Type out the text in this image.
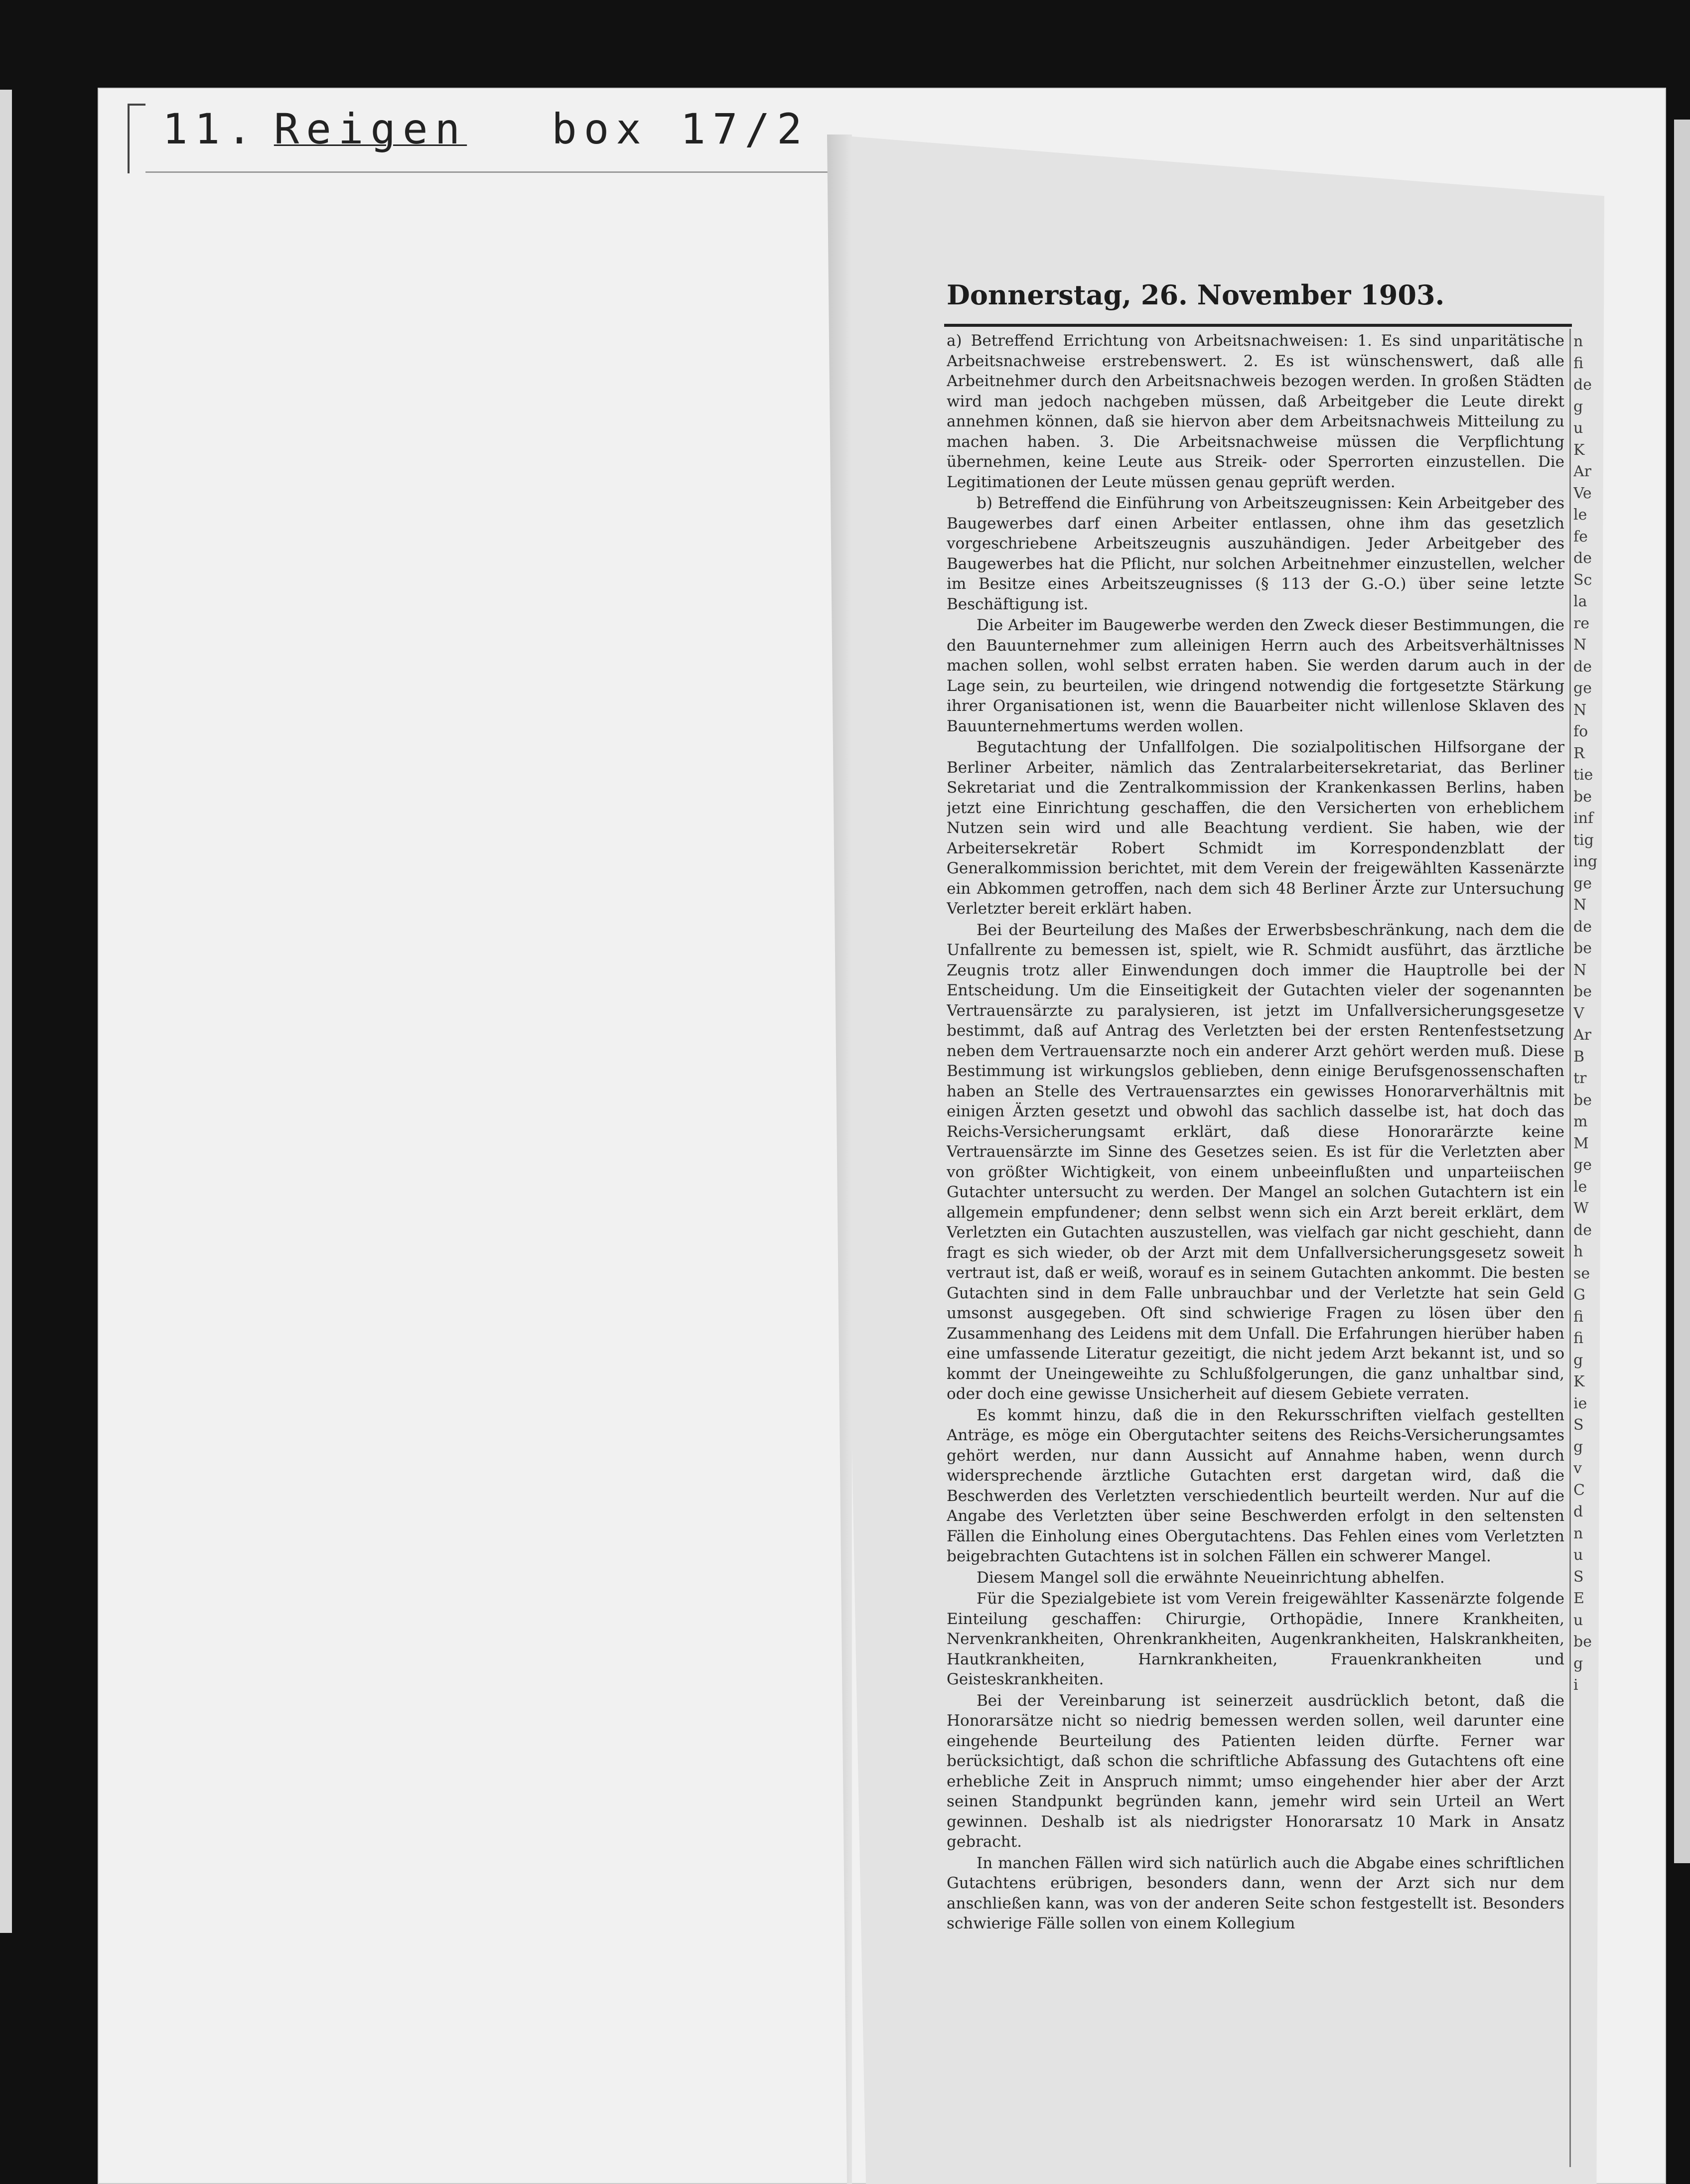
11. Reigen box 17/2
Donnerstag, 26. November 1903.

a) Betreffend Errichtung von Arbeitsnachweisen: 1. Es sind unparitätische Arbeitsnachweise erstrebenswert. 2. Es ist wünschenswert, daß alle Arbeitnehmer durch den Arbeitsnachweis bezogen werden. In großen Städten wird man jedoch nachgeben müssen, daß Arbeitgeber die Leute direkt annehmen können, daß sie hiervon aber dem Arbeitsnachweis Mitteilung zu machen haben. 3. Die Arbeitsnachweise müssen die Verpflichtung übernehmen, keine Leute aus Streik- oder Sperrorten einzustellen. Die Legitimationen der Leute müssen genau geprüft werden.

b) Betreffend die Einführung von Arbeitszeugnissen: Kein Arbeitgeber des Baugewerbes darf einen Arbeiter entlassen, ohne ihm das gesetzlich vorgeschriebene Arbeitszeugnis auszuhändigen. Jeder Arbeitgeber des Baugewerbes hat die Pflicht, nur solchen Arbeitnehmer einzustellen, welcher im Besitze eines Arbeitszeugnisses (§ 113 der G.-O.) über seine letzte Beschäftigung ist.

Die Arbeiter im Baugewerbe werden den Zweck dieser Bestimmungen, die den Bauunternehmer zum alleinigen Herrn auch des Arbeitsverhältnisses machen sollen, wohl selbst erraten haben. Sie werden darum auch in der Lage sein, zu beurteilen, wie dringend notwendig die fortgesetzte Stärkung ihrer Organisationen ist, wenn die Bauarbeiter nicht willenlose Sklaven des Bauunternehmertums werden wollen.

Begutachtung der Unfallfolgen. Die sozialpolitischen Hilfsorgane der Berliner Arbeiter, nämlich das Zentralarbeitersekretariat, das Berliner Sekretariat und die Zentralkommission der Krankenkassen Berlins, haben jetzt eine Einrichtung geschaffen, die den Versicherten von erheblichem Nutzen sein wird und alle Beachtung verdient. Sie haben, wie der Arbeitersekretär Robert Schmidt im Korrespondenzblatt der Generalkommission berichtet, mit dem Verein der freigewählten Kassenärzte ein Abkommen getroffen, nach dem sich 48 Berliner Ärzte zur Untersuchung Verletzter bereit erklärt haben.

Bei der Beurteilung des Maßes der Erwerbsbeschränkung, nach dem die Unfallrente zu bemessen ist, spielt, wie R. Schmidt ausführt, das ärztliche Zeugnis trotz aller Einwendungen doch immer die Hauptrolle bei der Entscheidung. Um die Einseitigkeit der Gutachten vieler der sogenannten Vertrauensärzte zu paralysieren, ist jetzt im Unfallversicherungsgesetze bestimmt, daß auf Antrag des Verletzten bei der ersten Rentenfestsetzung neben dem Vertrauensarzte noch ein anderer Arzt gehört werden muß. Diese Bestimmung ist wirkungslos geblieben, denn einige Berufsgenossenschaften haben an Stelle des Vertrauensarztes ein gewisses Honorarverhältnis mit einigen Ärzten gesetzt und obwohl das sachlich dasselbe ist, hat doch das Reichs-Versicherungsamt erklärt, daß diese Honorarärzte keine Vertrauensärzte im Sinne des Gesetzes seien. Es ist für die Verletzten aber von größter Wichtigkeit, von einem unbeeinflußten und unparteiischen Gutachter untersucht zu werden. Der Mangel an solchen Gutachtern ist ein allgemein empfundener; denn selbst wenn sich ein Arzt bereit erklärt, dem Verletzten ein Gutachten auszustellen, was vielfach gar nicht geschieht, dann fragt es sich wieder, ob der Arzt mit dem Unfallversicherungsgesetz soweit vertraut ist, daß er weiß, worauf es in seinem Gutachten ankommt. Die besten Gutachten sind in dem Falle unbrauchbar und der Verletzte hat sein Geld umsonst ausgegeben. Oft sind schwierige Fragen zu lösen über den Zusammenhang des Leidens mit dem Unfall. Die Erfahrungen hierüber haben eine umfassende Literatur gezeitigt, die nicht jedem Arzt bekannt ist, und so kommt der Uneingeweihte zu Schlußfolgerungen, die ganz unhaltbar sind, oder doch eine gewisse Unsicherheit auf diesem Gebiete verraten.

Es kommt hinzu, daß die in den Rekursschriften vielfach gestellten Anträge, es möge ein Obergutachter seitens des Reichs-Versicherungsamtes gehört werden, nur dann Aussicht auf Annahme haben, wenn durch widersprechende ärztliche Gutachten erst dargetan wird, daß die Beschwerden des Verletzten verschiedentlich beurteilt werden. Nur auf die Angabe des Verletzten über seine Beschwerden erfolgt in den seltensten Fällen die Einholung eines Obergutachtens. Das Fehlen eines vom Verletzten beigebrachten Gutachtens ist in solchen Fällen ein schwerer Mangel.

Diesem Mangel soll die erwähnte Neueinrichtung abhelfen.

Für die Spezialgebiete ist vom Verein freigewählter Kassenärzte folgende Einteilung geschaffen: Chirurgie, Orthopädie, Innere Krankheiten, Nervenkrankheiten, Ohrenkrankheiten, Augenkrankheiten, Halskrankheiten, Hautkrankheiten, Harnkrankheiten, Frauenkrankheiten und Geisteskrankheiten.

Bei der Vereinbarung ist seinerzeit ausdrücklich betont, daß die Honorarsätze nicht so niedrig bemessen werden sollen, weil darunter eine eingehende Beurteilung des Patienten leiden dürfte. Ferner war berücksichtigt, daß schon die schriftliche Abfassung des Gutachtens oft eine erhebliche Zeit in Anspruch nimmt; umso eingehender hier aber der Arzt seinen Standpunkt begründen kann, jemehr wird sein Urteil an Wert gewinnen. Deshalb ist als niedrigster Honorarsatz 10 Mark in Ansatz gebracht.

In manchen Fällen wird sich natürlich auch die Abgabe eines schriftlichen Gutachtens erübrigen, besonders dann, wenn der Arzt sich nur dem anschließen kann, was von der anderen Seite schon festgestellt ist. Besonders schwierige Fälle sollen von einem Kollegium

n
fi
de
g
u
K
Ar
Ve
le
fe
de
Sc
la
re
N
de
ge
N
fo
R
tie
be
inf
tig
ing
ge
N
de
be
N
be
V
Ar
B
tr
be
m
M
ge
le
W
de
h
se
G
fi
fi
g
K
ie
S
g
v
C
d
n
u
S
E
u
be
g
i
